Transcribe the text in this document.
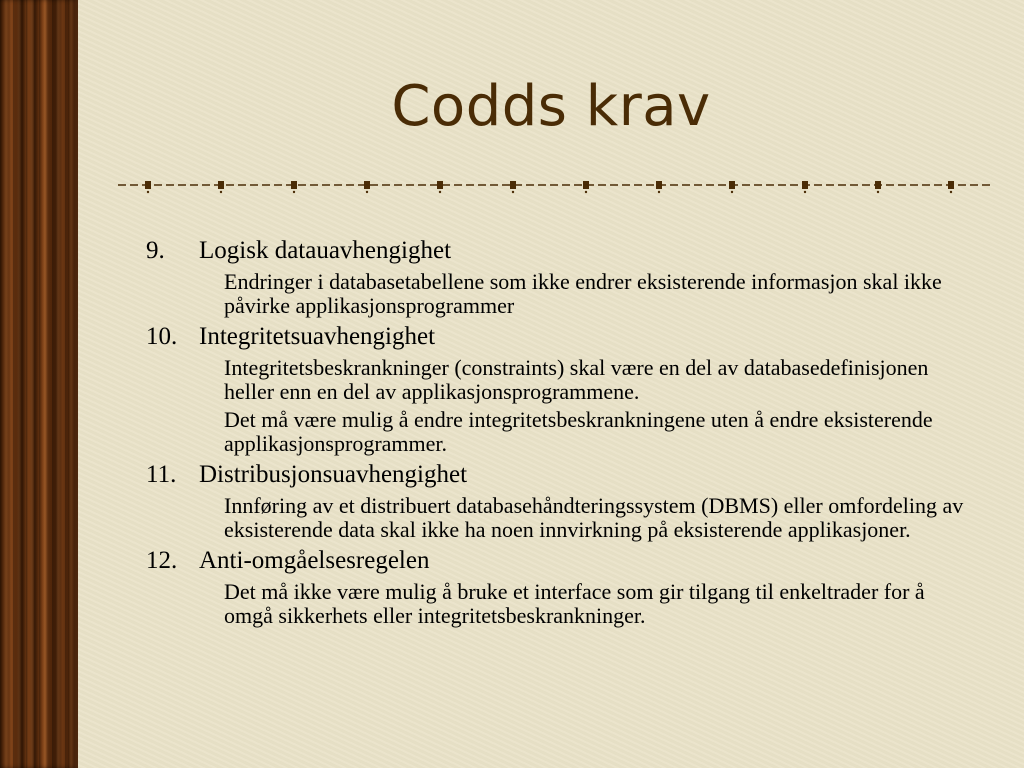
Codds krav
9.	Logisk datauavhengighet
Endringer i databasetabellene som ikke endrer eksisterende informasjon skal ikke påvirke applikasjonsprogrammer
10. Integritetsuavhengighet
Integritetsbeskrankninger (constraints) skal være en del av databasedefinisjonen heller enn en del av applikasjonsprogrammene.
Det må være mulig å endre integritetsbeskrankningene uten å endre eksisterende applikasjonsprogrammer.
11. Distribusjonsuavhengighet
Innføring av et distribuert databasehåndteringssystem (DBMS) eller omfordeling av eksisterende data skal ikke ha noen innvirkning på eksisterende applikasjoner.
12. Anti-omgåelsesregelen
Det må ikke være mulig å bruke et interface som gir tilgang til enkeltrader for å omgå sikkerhets eller integritetsbeskrankninger.
